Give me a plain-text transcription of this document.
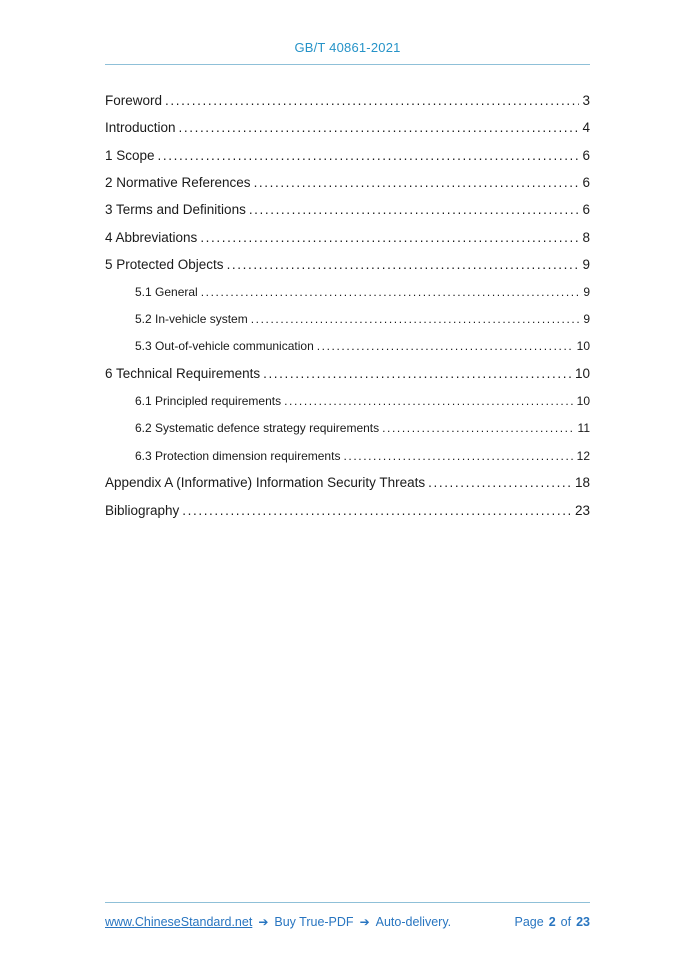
GB/T 40861-2021
Foreword .....	3
Introduction .....	4
1 Scope .....	6
2 Normative References .....	6
3 Terms and Definitions .....	6
4 Abbreviations .....	8
5 Protected Objects .....	9
5.1 General .....	9
5.2 In-vehicle system .....	9
5.3 Out-of-vehicle communication .....	10
6 Technical Requirements .....	10
6.1 Principled requirements .....	10
6.2 Systematic defence strategy requirements .....	11
6.3 Protection dimension requirements .....	12
Appendix A (Informative) Information Security Threats .....	18
Bibliography .....	23
www.ChineseStandard.net ➔ Buy True-PDF ➔ Auto-delivery.	Page 2 of 23
